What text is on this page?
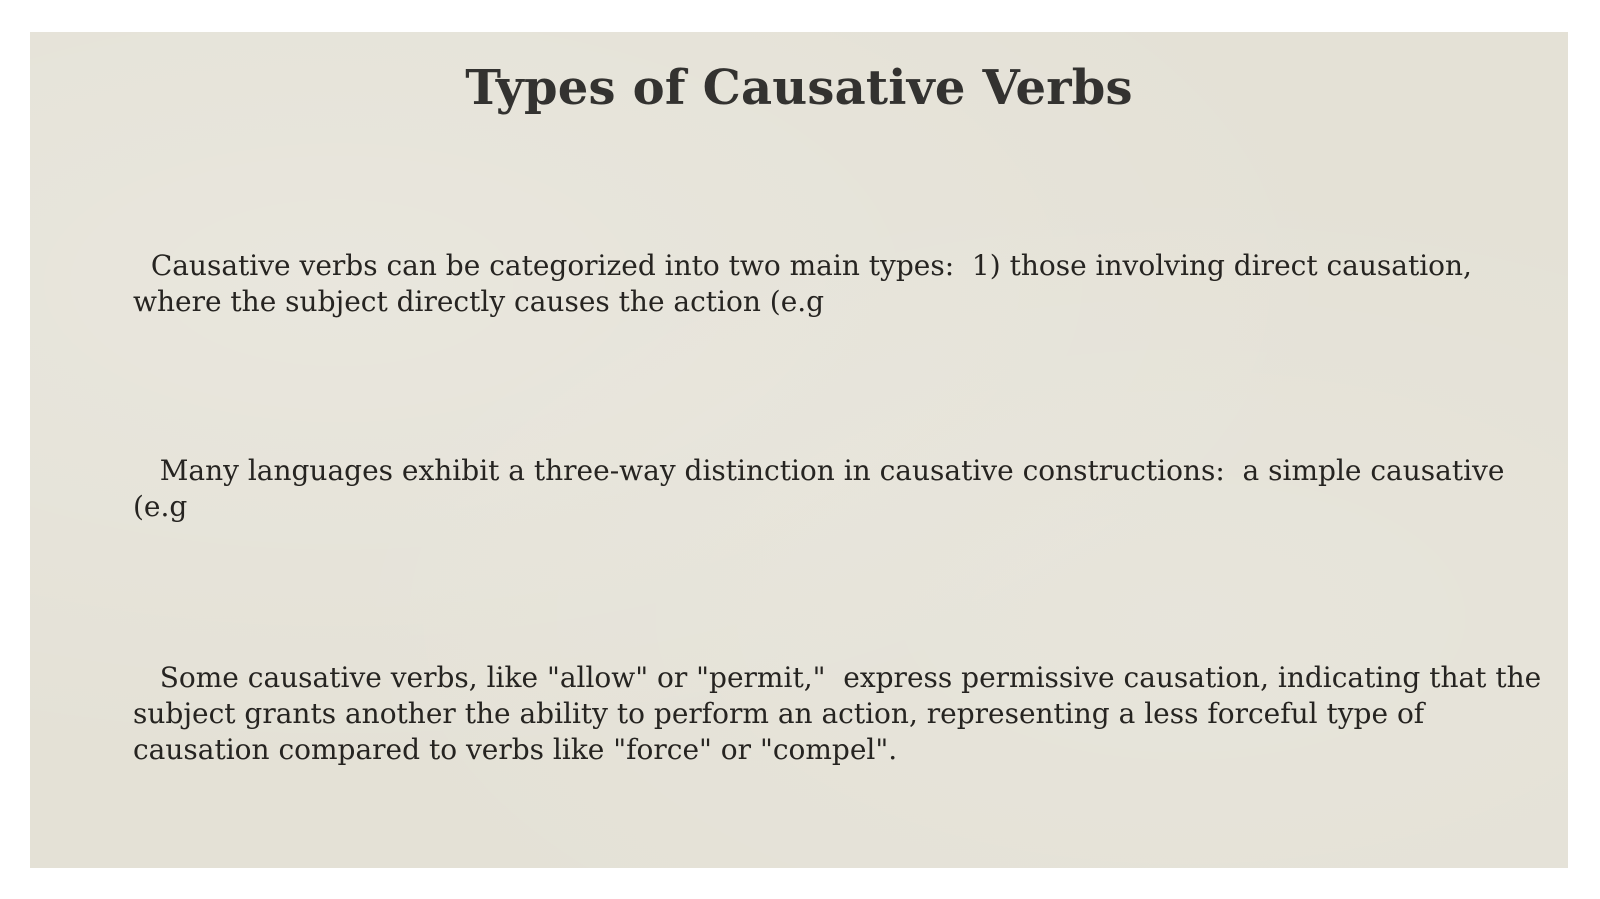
Types of Causative Verbs
Causative verbs can be categorized into two main types:  1) those involving direct causation, where the subject directly causes the action (e.g
Many languages exhibit a three-way distinction in causative constructions:  a simple causative (e.g
Some causative verbs, like "allow" or "permit,"  express permissive causation, indicating that the subject grants another the ability to perform an action, representing a less forceful type of causation compared to verbs like "force" or "compel".
